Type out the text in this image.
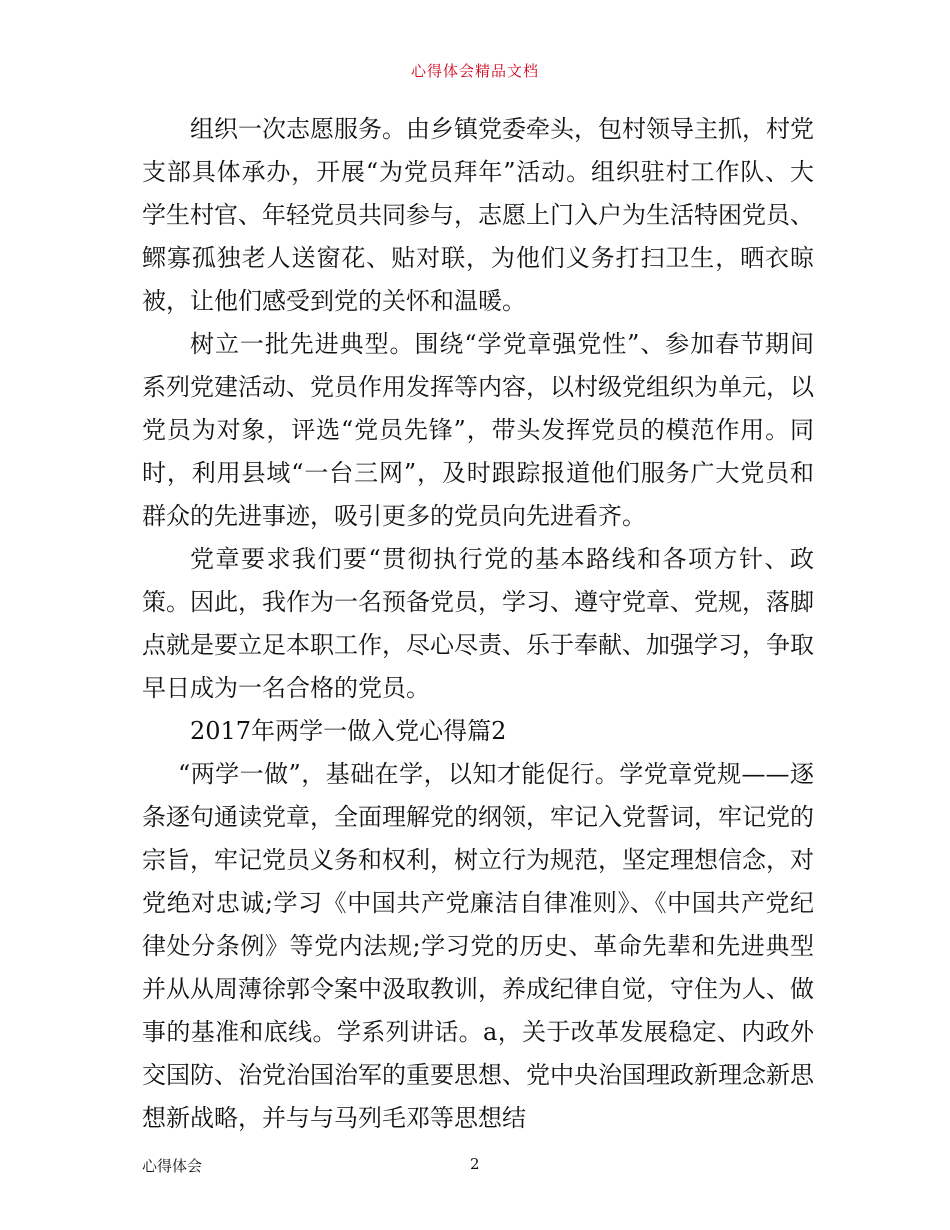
心得体会精品文档

组织一次志愿服务。由乡镇党委牵头，包村领导主抓，村党支部具体承办，开展“为党员拜年”活动。组织驻村工作队、大学生村官、年轻党员共同参与，志愿上门入户为生活特困党员、鳏寡孤独老人送窗花、贴对联，为他们义务打扫卫生，晒衣晾被，让他们感受到党的关怀和温暖。

树立一批先进典型。围绕“学党章强党性”、参加春节期间系列党建活动、党员作用发挥等内容，以村级党组织为单元，以党员为对象，评选“党员先锋”，带头发挥党员的模范作用。同时，利用县域“一台三网”，及时跟踪报道他们服务广大党员和群众的先进事迹，吸引更多的党员向先进看齐。

党章要求我们要“贯彻执行党的基本路线和各项方针、政策。因此，我作为一名预备党员，学习、遵守党章、党规，落脚点就是要立足本职工作，尽心尽责、乐于奉献、加强学习，争取早日成为一名合格的党员。

2017年两学一做入党心得篇2

“两学一做”，基础在学，以知才能促行。学党章党规——逐条逐句通读党章，全面理解党的纲领，牢记入党誓词，牢记党的宗旨，牢记党员义务和权利，树立行为规范，坚定理想信念，对党绝对忠诚;学习《中国共产党廉洁自律准则》、《中国共产党纪律处分条例》等党内法规;学习党的历史、革命先辈和先进典型并从从周薄徐郭令案中汲取教训，养成纪律自觉，守住为人、做事的基准和底线。学系列讲话。a，关于改革发展稳定、内政外交国防、治党治国治军的重要思想、党中央治国理政新理念新思想新战略，并与与马列毛邓等思想结

心得体会	2
